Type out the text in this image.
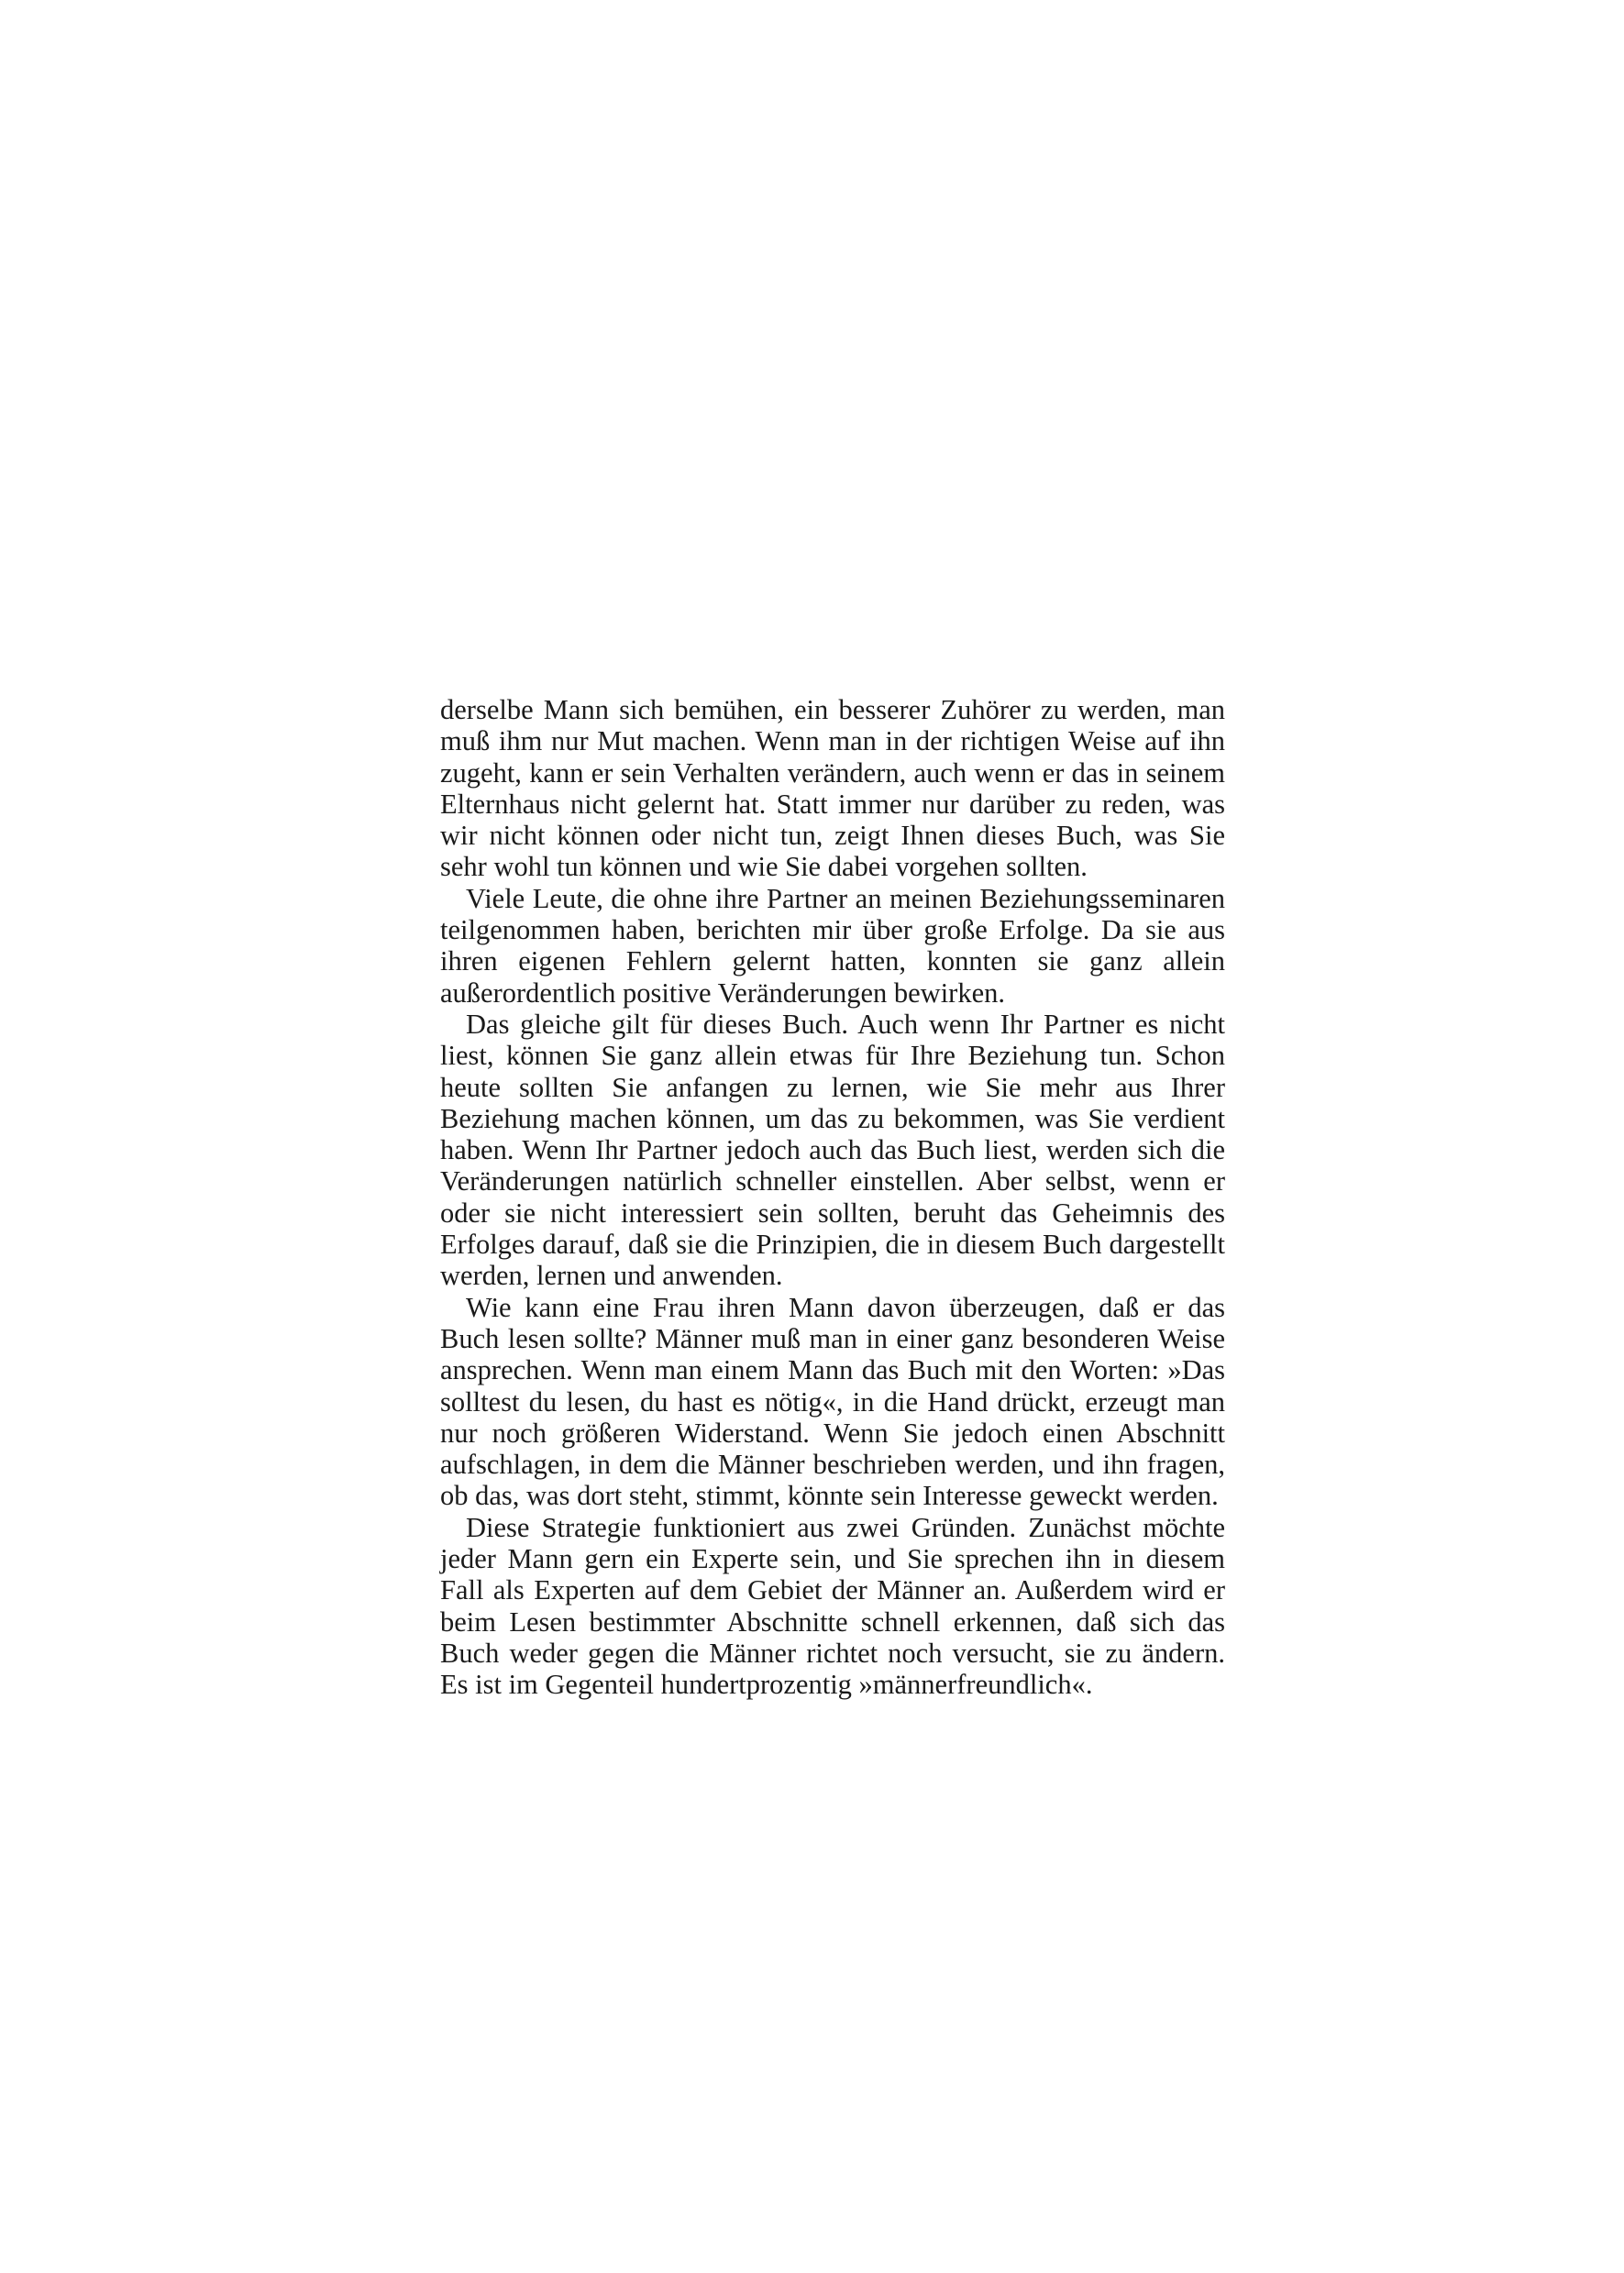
derselbe Mann sich bemühen, ein besserer Zuhörer zu werden, man muß ihm nur Mut machen. Wenn man in der richtigen Weise auf ihn zugeht, kann er sein Verhalten verändern, auch wenn er das in seinem Elternhaus nicht gelernt hat. Statt immer nur darüber zu reden, was wir nicht können oder nicht tun, zeigt Ihnen dieses Buch, was Sie sehr wohl tun können und wie Sie dabei vorgehen sollten.

Viele Leute, die ohne ihre Partner an meinen Beziehungsseminaren teilgenommen haben, berichten mir über große Erfolge. Da sie aus ihren eigenen Fehlern gelernt hatten, konnten sie ganz allein außerordentlich positive Veränderungen bewirken.

Das gleiche gilt für dieses Buch. Auch wenn Ihr Partner es nicht liest, können Sie ganz allein etwas für Ihre Beziehung tun. Schon heute sollten Sie anfangen zu lernen, wie Sie mehr aus Ihrer Beziehung machen können, um das zu bekommen, was Sie verdient haben. Wenn Ihr Partner jedoch auch das Buch liest, werden sich die Veränderungen natürlich schneller einstellen. Aber selbst, wenn er oder sie nicht interessiert sein sollten, beruht das Geheimnis des Erfolges darauf, daß sie die Prinzipien, die in diesem Buch dargestellt werden, lernen und anwenden.

Wie kann eine Frau ihren Mann davon überzeugen, daß er das Buch lesen sollte? Männer muß man in einer ganz besonderen Weise ansprechen. Wenn man einem Mann das Buch mit den Worten: »Das solltest du lesen, du hast es nötig«, in die Hand drückt, erzeugt man nur noch größeren Widerstand. Wenn Sie jedoch einen Abschnitt aufschlagen, in dem die Männer beschrieben werden, und ihn fragen, ob das, was dort steht, stimmt, könnte sein Interesse geweckt werden.

Diese Strategie funktioniert aus zwei Gründen. Zunächst möchte jeder Mann gern ein Experte sein, und Sie sprechen ihn in diesem Fall als Experten auf dem Gebiet der Männer an. Außerdem wird er beim Lesen bestimmter Abschnitte schnell erkennen, daß sich das Buch weder gegen die Männer richtet noch versucht, sie zu ändern. Es ist im Gegenteil hundertprozentig »männerfreundlich«.
